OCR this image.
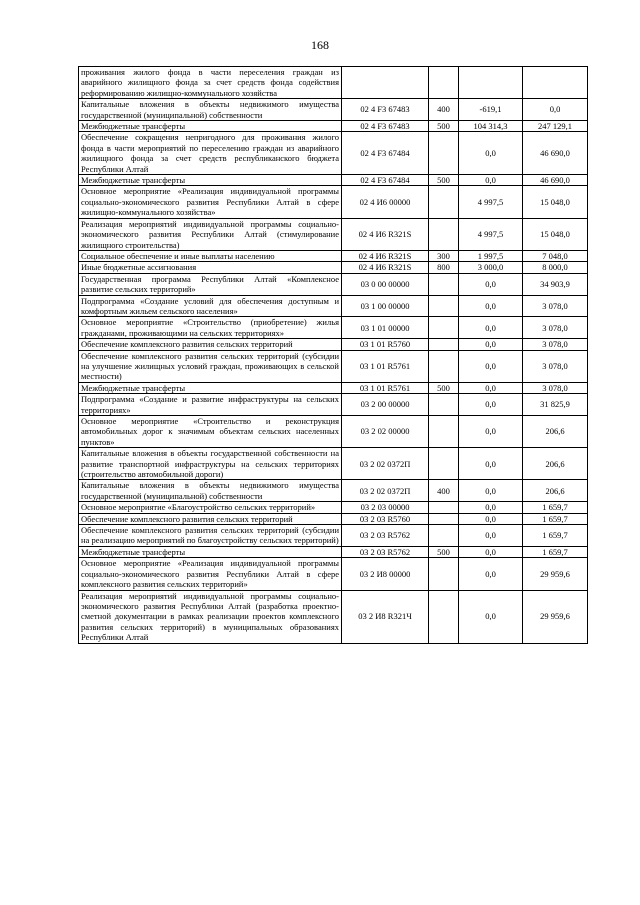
168
проживания жилого фонда в части переселения граждан из аварийного жилищного фонда за счет средств фонда содействия реформированию жилищно-коммунального хозяйства				
Капитальные вложения в объекты недвижимого имущества государственной (муниципальной) собственности	02 4 F3 67483	400	-619,1	0,0
Межбюджетные трансферты	02 4 F3 67483	500	104 314,3	247 129,1
Обеспечение сокращения непригодного для проживания жилого фонда в части мероприятий по переселению граждан из аварийного жилищного фонда за счет средств республиканского бюджета Республики Алтай	02 4 F3 67484		0,0	46 690,0
Межбюджетные трансферты	02 4 F3 67484	500	0,0	46 690,0
Основное мероприятие «Реализация индивидуальной программы социально-экономического развития Республики Алтай в сфере жилищно-коммунального хозяйства»	02 4 И6 00000		4 997,5	15 048,0
Реализация мероприятий индивидуальной программы социально-экономического развития Республики Алтай (стимулирование жилищного строительства)	02 4 И6 R321S		4 997,5	15 048,0
Социальное обеспечение и иные выплаты населению	02 4 И6 R321S	300	1 997,5	7 048,0
Иные бюджетные ассигнования	02 4 И6 R321S	800	3 000,0	8 000,0
Государственная программа Республики Алтай «Комплексное развитие сельских территорий»	03 0 00 00000		0,0	34 903,9
Подпрограмма «Создание условий для обеспечения доступным и комфортным жильем сельского населения»	03 1 00 00000		0,0	3 078,0
Основное мероприятие «Строительство (приобретение) жилья гражданами, проживающими на сельских территориях»	03 1 01 00000		0,0	3 078,0
Обеспечение комплексного развития сельских территорий	03 1 01 R5760		0,0	3 078,0
Обеспечение комплексного развития сельских территорий (субсидии на улучшение жилищных условий граждан, проживающих в сельской местности)	03 1 01 R5761		0,0	3 078,0
Межбюджетные трансферты	03 1 01 R5761	500	0,0	3 078,0
Подпрограмма «Создание и развитие инфраструктуры на сельских территориях»	03 2 00 00000		0,0	31 825,9
Основное мероприятие «Строительство и реконструкция автомобильных дорог к значимым объектам сельских населенных пунктов»	03 2 02 00000		0,0	206,6
Капитальные вложения в объекты государственной собственности на развитие транспортной инфраструктуры на сельских территориях (строительство автомобильной дороги)	03 2 02 0372П		0,0	206,6
Капитальные вложения в объекты недвижимого имущества государственной (муниципальной) собственности	03 2 02 0372П	400	0,0	206,6
Основное мероприятие «Благоустройство сельских территорий»	03 2 03 00000		0,0	1 659,7
Обеспечение комплексного развития сельских территорий	03 2 03 R5760		0,0	1 659,7
Обеспечение комплексного развития сельских территорий (субсидии на реализацию мероприятий по благоустройству сельских территорий)	03 2 03 R5762		0,0	1 659,7
Межбюджетные трансферты	03 2 03 R5762	500	0,0	1 659,7
Основное мероприятие «Реализация индивидуальной программы социально-экономического развития Республики Алтай в сфере комплексного развития сельских территорий»	03 2 И8 00000		0,0	29 959,6
Реализация мероприятий индивидуальной программы социально-экономического развития Республики Алтай (разработка проектно-сметной документации в рамках реализации проектов комплексного развития сельских территорий) в муниципальных образованиях Республики Алтай	03 2 И8 R321Ч		0,0	29 959,6
